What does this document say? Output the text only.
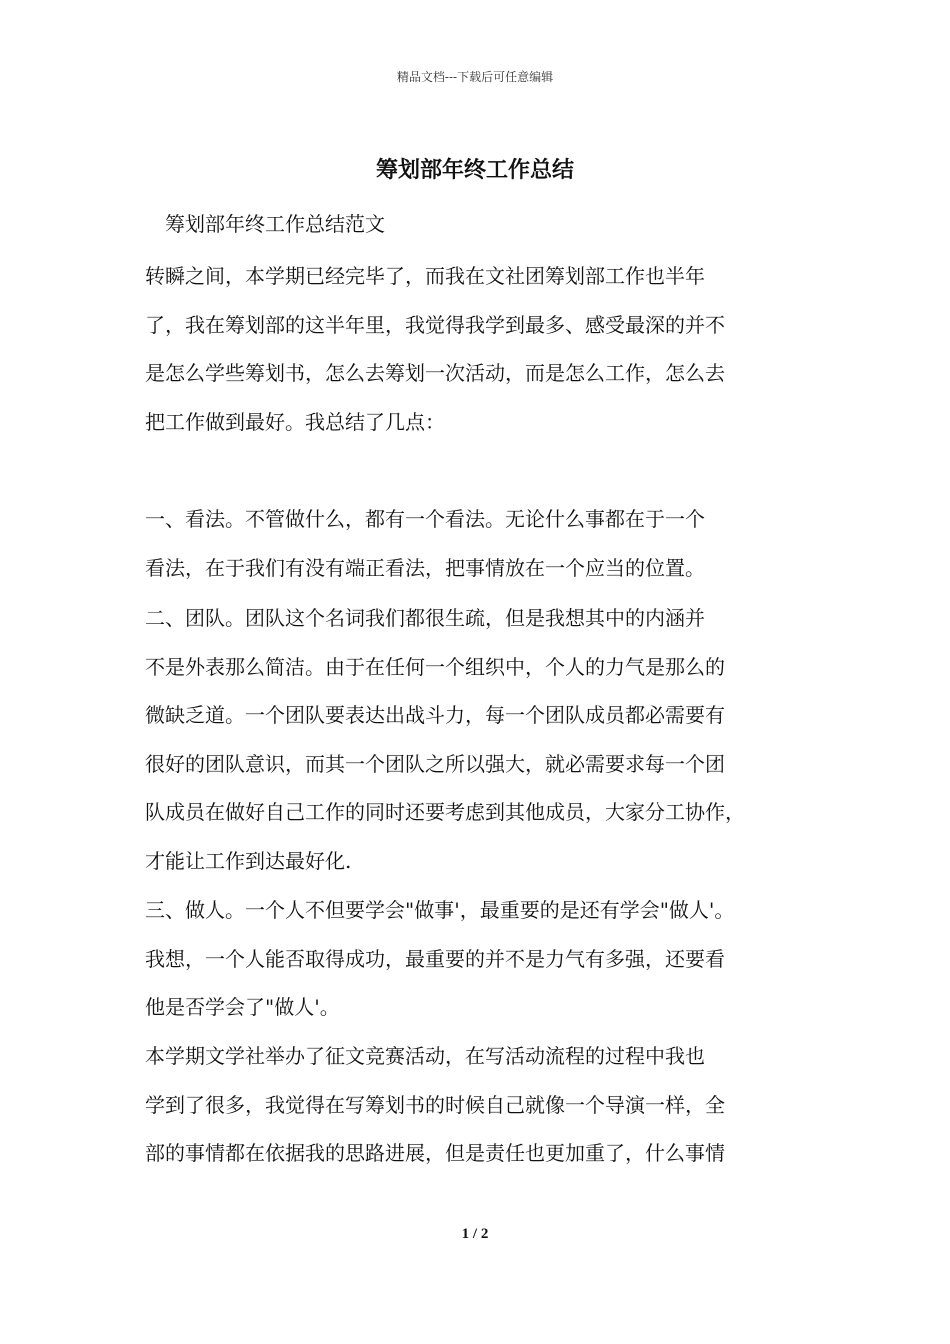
精品文档---下载后可任意编辑
筹划部年终工作总结
筹划部年终工作总结范文
转瞬之间，本学期已经完毕了，而我在文社团筹划部工作也半年
了，我在筹划部的这半年里，我觉得我学到最多、感受最深的并不
是怎么学些筹划书，怎么去筹划一次活动，而是怎么工作，怎么去
把工作做到最好。我总结了几点：
一、看法。不管做什么，都有一个看法。无论什么事都在于一个
看法，在于我们有没有端正看法，把事情放在一个应当的位置。
二、团队。团队这个名词我们都很生疏，但是我想其中的内涵并
不是外表那么简洁。由于在任何一个组织中，个人的力气是那么的
微缺乏道。一个团队要表达出战斗力，每一个团队成员都必需要有
很好的团队意识，而其一个团队之所以强大，就必需要求每一个团
队成员在做好自己工作的同时还要考虑到其他成员，大家分工协作，
才能让工作到达最好化.
三、做人。一个人不但要学会"做事'，最重要的是还有学会"做人'。
我想，一个人能否取得成功，最重要的并不是力气有多强，还要看
他是否学会了"做人'。
本学期文学社举办了征文竞赛活动，在写活动流程的过程中我也
学到了很多，我觉得在写筹划书的时候自己就像一个导演一样，全
部的事情都在依据我的思路进展，但是责任也更加重了，什么事情
1 / 2
